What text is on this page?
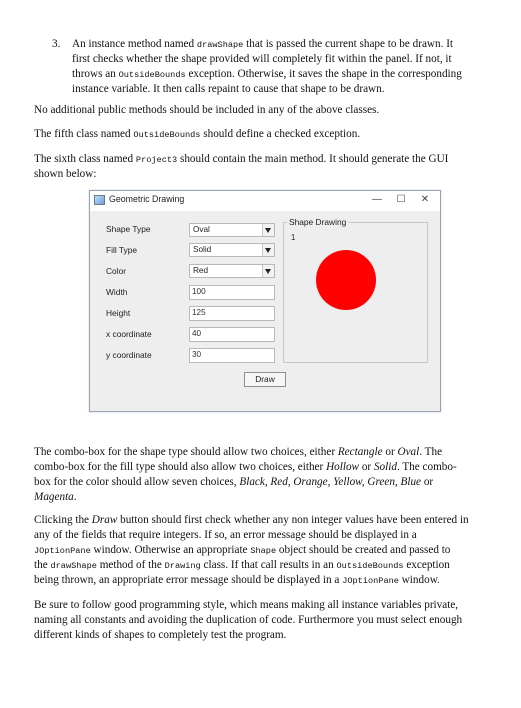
3. An instance method named drawShape that is passed the current shape to be drawn. It
first checks whether the shape provided will completely fit within the panel. If not, it
throws an OutsideBounds exception. Otherwise, it saves the shape in the corresponding
instance variable. It then calls repaint to cause that shape to be drawn.
No additional public methods should be included in any of the above classes.
The fifth class named OutsideBounds should define a checked exception.
The sixth class named Project3 should contain the main method. It should generate the GUI
shown below:
Geometric Drawing	—	☐	✕
Shape Type	Oval
Fill Type	Solid
Color	Red
Width	100
Height	125
x coordinate	40
y coordinate	30
Shape Drawing
1
Draw
The combo-box for the shape type should allow two choices, either Rectangle or Oval. The
combo-box for the fill type should also allow two choices, either Hollow or Solid. The combo-
box for the color should allow seven choices, Black, Red, Orange, Yellow, Green, Blue or
Magenta.
Clicking the Draw button should first check whether any non integer values have been entered in
any of the fields that require integers. If so, an error message should be displayed in a
JOptionPane window. Otherwise an appropriate Shape object should be created and passed to
the drawShape method of the Drawing class. If that call results in an OutsideBounds exception
being thrown, an appropriate error message should be displayed in a JOptionPane window.
Be sure to follow good programming style, which means making all instance variables private,
naming all constants and avoiding the duplication of code. Furthermore you must select enough
different kinds of shapes to completely test the program.
